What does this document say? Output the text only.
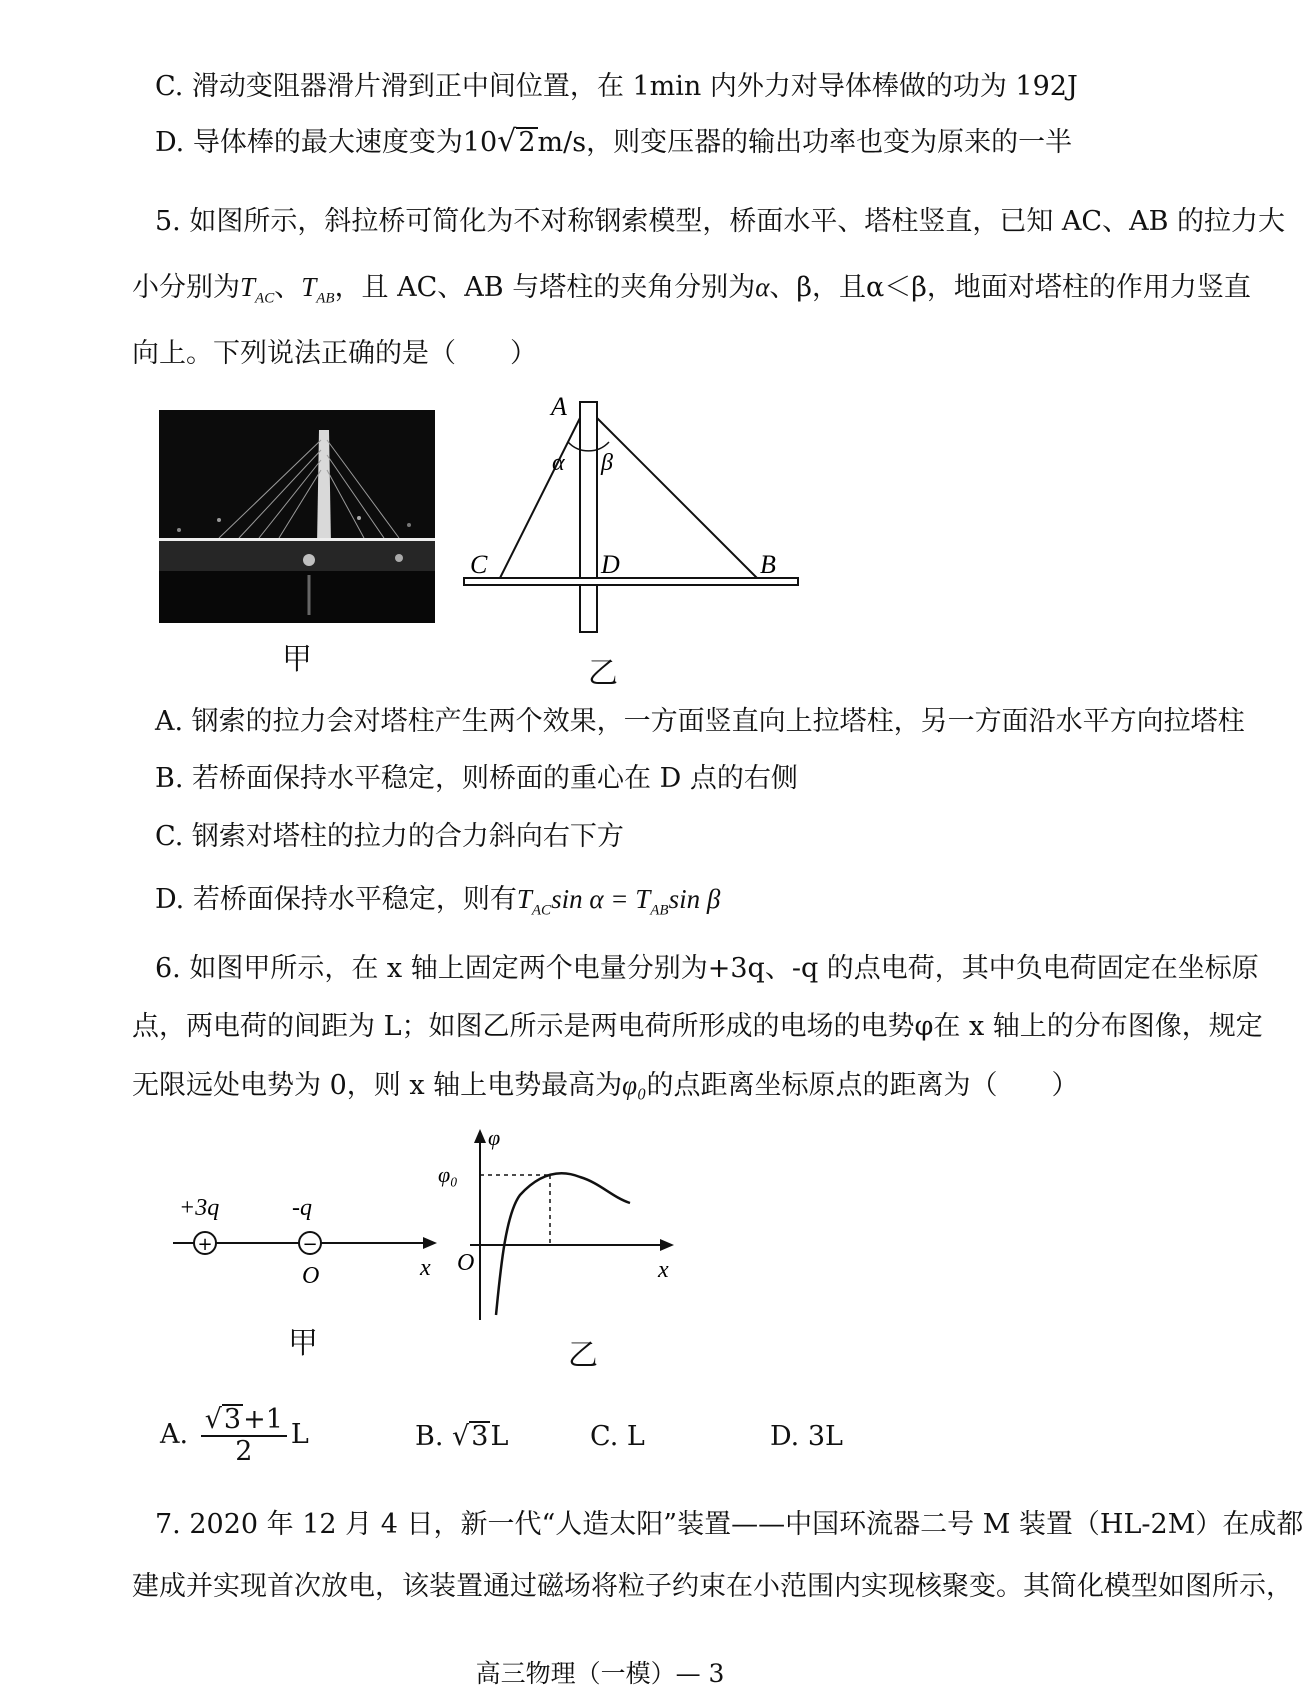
C. 滑动变阻器滑片滑到正中间位置，在 1min 内外力对导体棒做的功为 192J
D. 导体棒的最大速度变为10√2m/s，则变压器的输出功率也变为原来的一半
5. 如图所示，斜拉桥可简化为不对称钢索模型，桥面水平、塔柱竖直，已知 AC、AB 的拉力大
小分别为$T_{AC}$、$T_{AB}$，且 AC、AB 与塔柱的夹角分别为α、β，且α＜β，地面对塔柱的作用力竖直
向上。下列说法正确的是（　　）
甲
A
α β
C	D	B
乙
A. 钢索的拉力会对塔柱产生两个效果，一方面竖直向上拉塔柱，另一方面沿水平方向拉塔柱
B. 若桥面保持水平稳定，则桥面的重心在 D 点的右侧
C. 钢索对塔柱的拉力的合力斜向右下方
D. 若桥面保持水平稳定，则有$T_{AC}\sin$ $\alpha = T_{AB}\sin$ β
6. 如图甲所示，在 x 轴上固定两个电量分别为+3q、-q 的点电荷，其中负电荷固定在坐标原
点，两电荷的间距为 L；如图乙所示是两电荷所形成的电场的电势φ在 x 轴上的分布图像，规定
无限远处电势为 0，则 x 轴上电势最高为φ₀的点距离坐标原点的距离为（　　）
+	−
+3q	-q
O	x
甲
φ
φ₀
O	x
乙
A. $\frac{√3+1}{2}$ L	B. √3L	C. L	D. 3L
7. 2020 年 12 月 4 日，新一代“人造太阳”装置——中国环流器二号 M 装置（HL-2M）在成都
建成并实现首次放电，该装置通过磁场将粒子约束在小范围内实现核聚变。其简化模型如图所示，
高三物理（一模）— 3
